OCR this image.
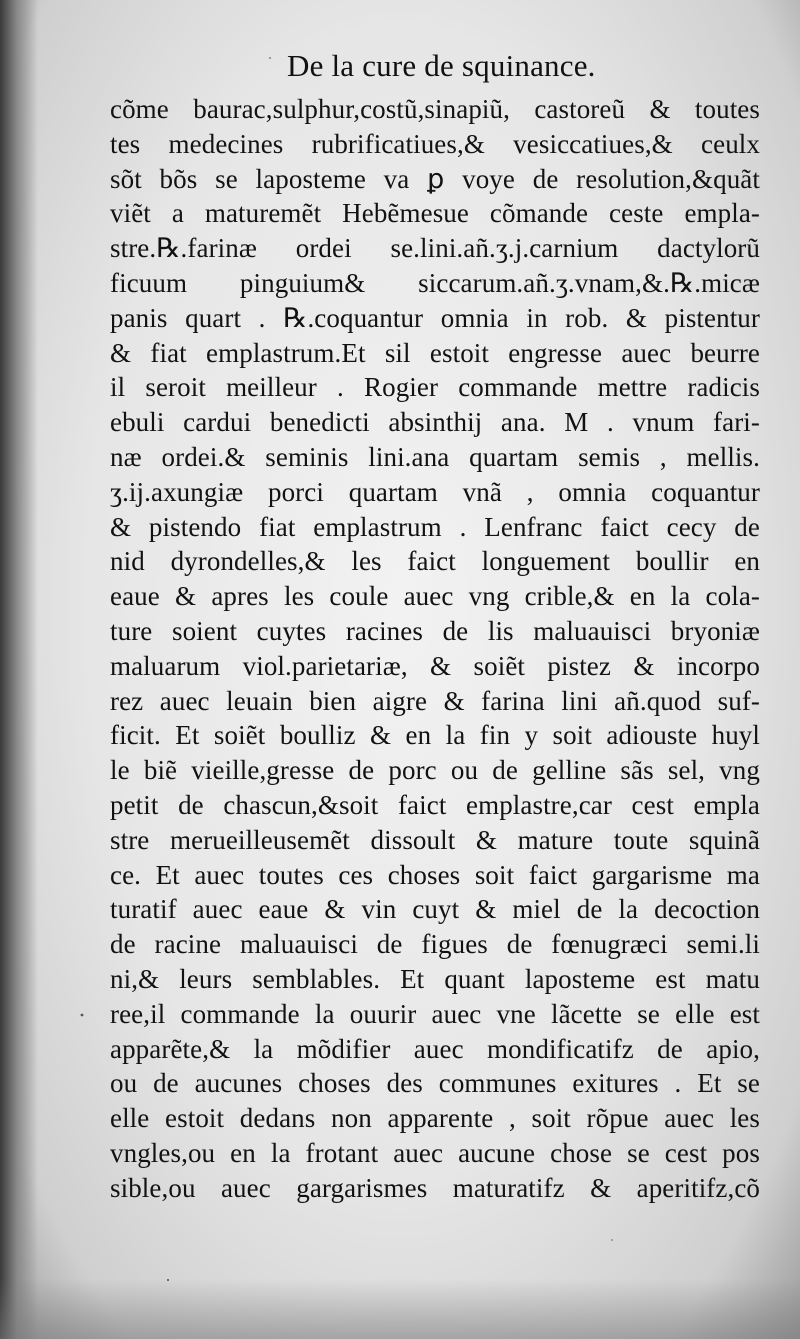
De la cure de squinance.
cõme baurac,sulphur,costũ,sinapiũ, castoreũ & toutes
tes medecines rubrificatiues,& vesiccatiues,& ceulx
sõt bõs se laposteme va ꝑ voye de resolution,&quãt
viẽt a maturemẽt Hebẽmesue cõmande ceste empla-
stre.℞.farinæ ordei se.lini.añ.ʒ.j.carnium dactylorũ
ficuum pinguium& siccarum.añ.ʒ.vnam,&.℞.micæ
panis quart . ℞.coquantur omnia in rob. & pistentur
& fiat emplastrum.Et sil estoit engresse auec beurre
il seroit meilleur . Rogier commande mettre radicis
ebuli cardui benedicti absinthij ana. M . vnum fari-
næ ordei.& seminis lini.ana quartam semis , mellis.
ʒ.ij.axungiæ porci quartam vnã , omnia coquantur
& pistendo fiat emplastrum . Lenfranc faict cecy de
nid dyrondelles,& les faict longuement boullir en
eaue & apres les coule auec vng crible,& en la cola-
ture soient cuytes racines de lis maluauisci bryoniæ
maluarum viol.parietariæ, & soiẽt pistez & incorpo
rez auec leuain bien aigre & farina lini añ.quod suf-
ficit. Et soiẽt boulliz & en la fin y soit adiouste huyl
le biẽ vieille,gresse de porc ou de gelline sãs sel, vng
petit de chascun,&soit faict emplastre,car cest empla
stre merueilleusemẽt dissoult & mature toute squinã
ce. Et auec toutes ces choses soit faict gargarisme ma
turatif auec eaue & vin cuyt & miel de la decoction
de racine maluauisci de figues de fœnugræci semi.li
ni,& leurs semblables. Et quant laposteme est matu
ree,il commande la ouurir auec vne lãcette se elle est
apparẽte,& la mõdifier auec mondificatifz de apio,
ou de aucunes choses des communes exitures . Et se
elle estoit dedans non apparente , soit rõpue auec les
vngles,ou en la frotant auec aucune chose se cest pos
sible,ou auec gargarismes maturatifz & aperitifz,cõ
